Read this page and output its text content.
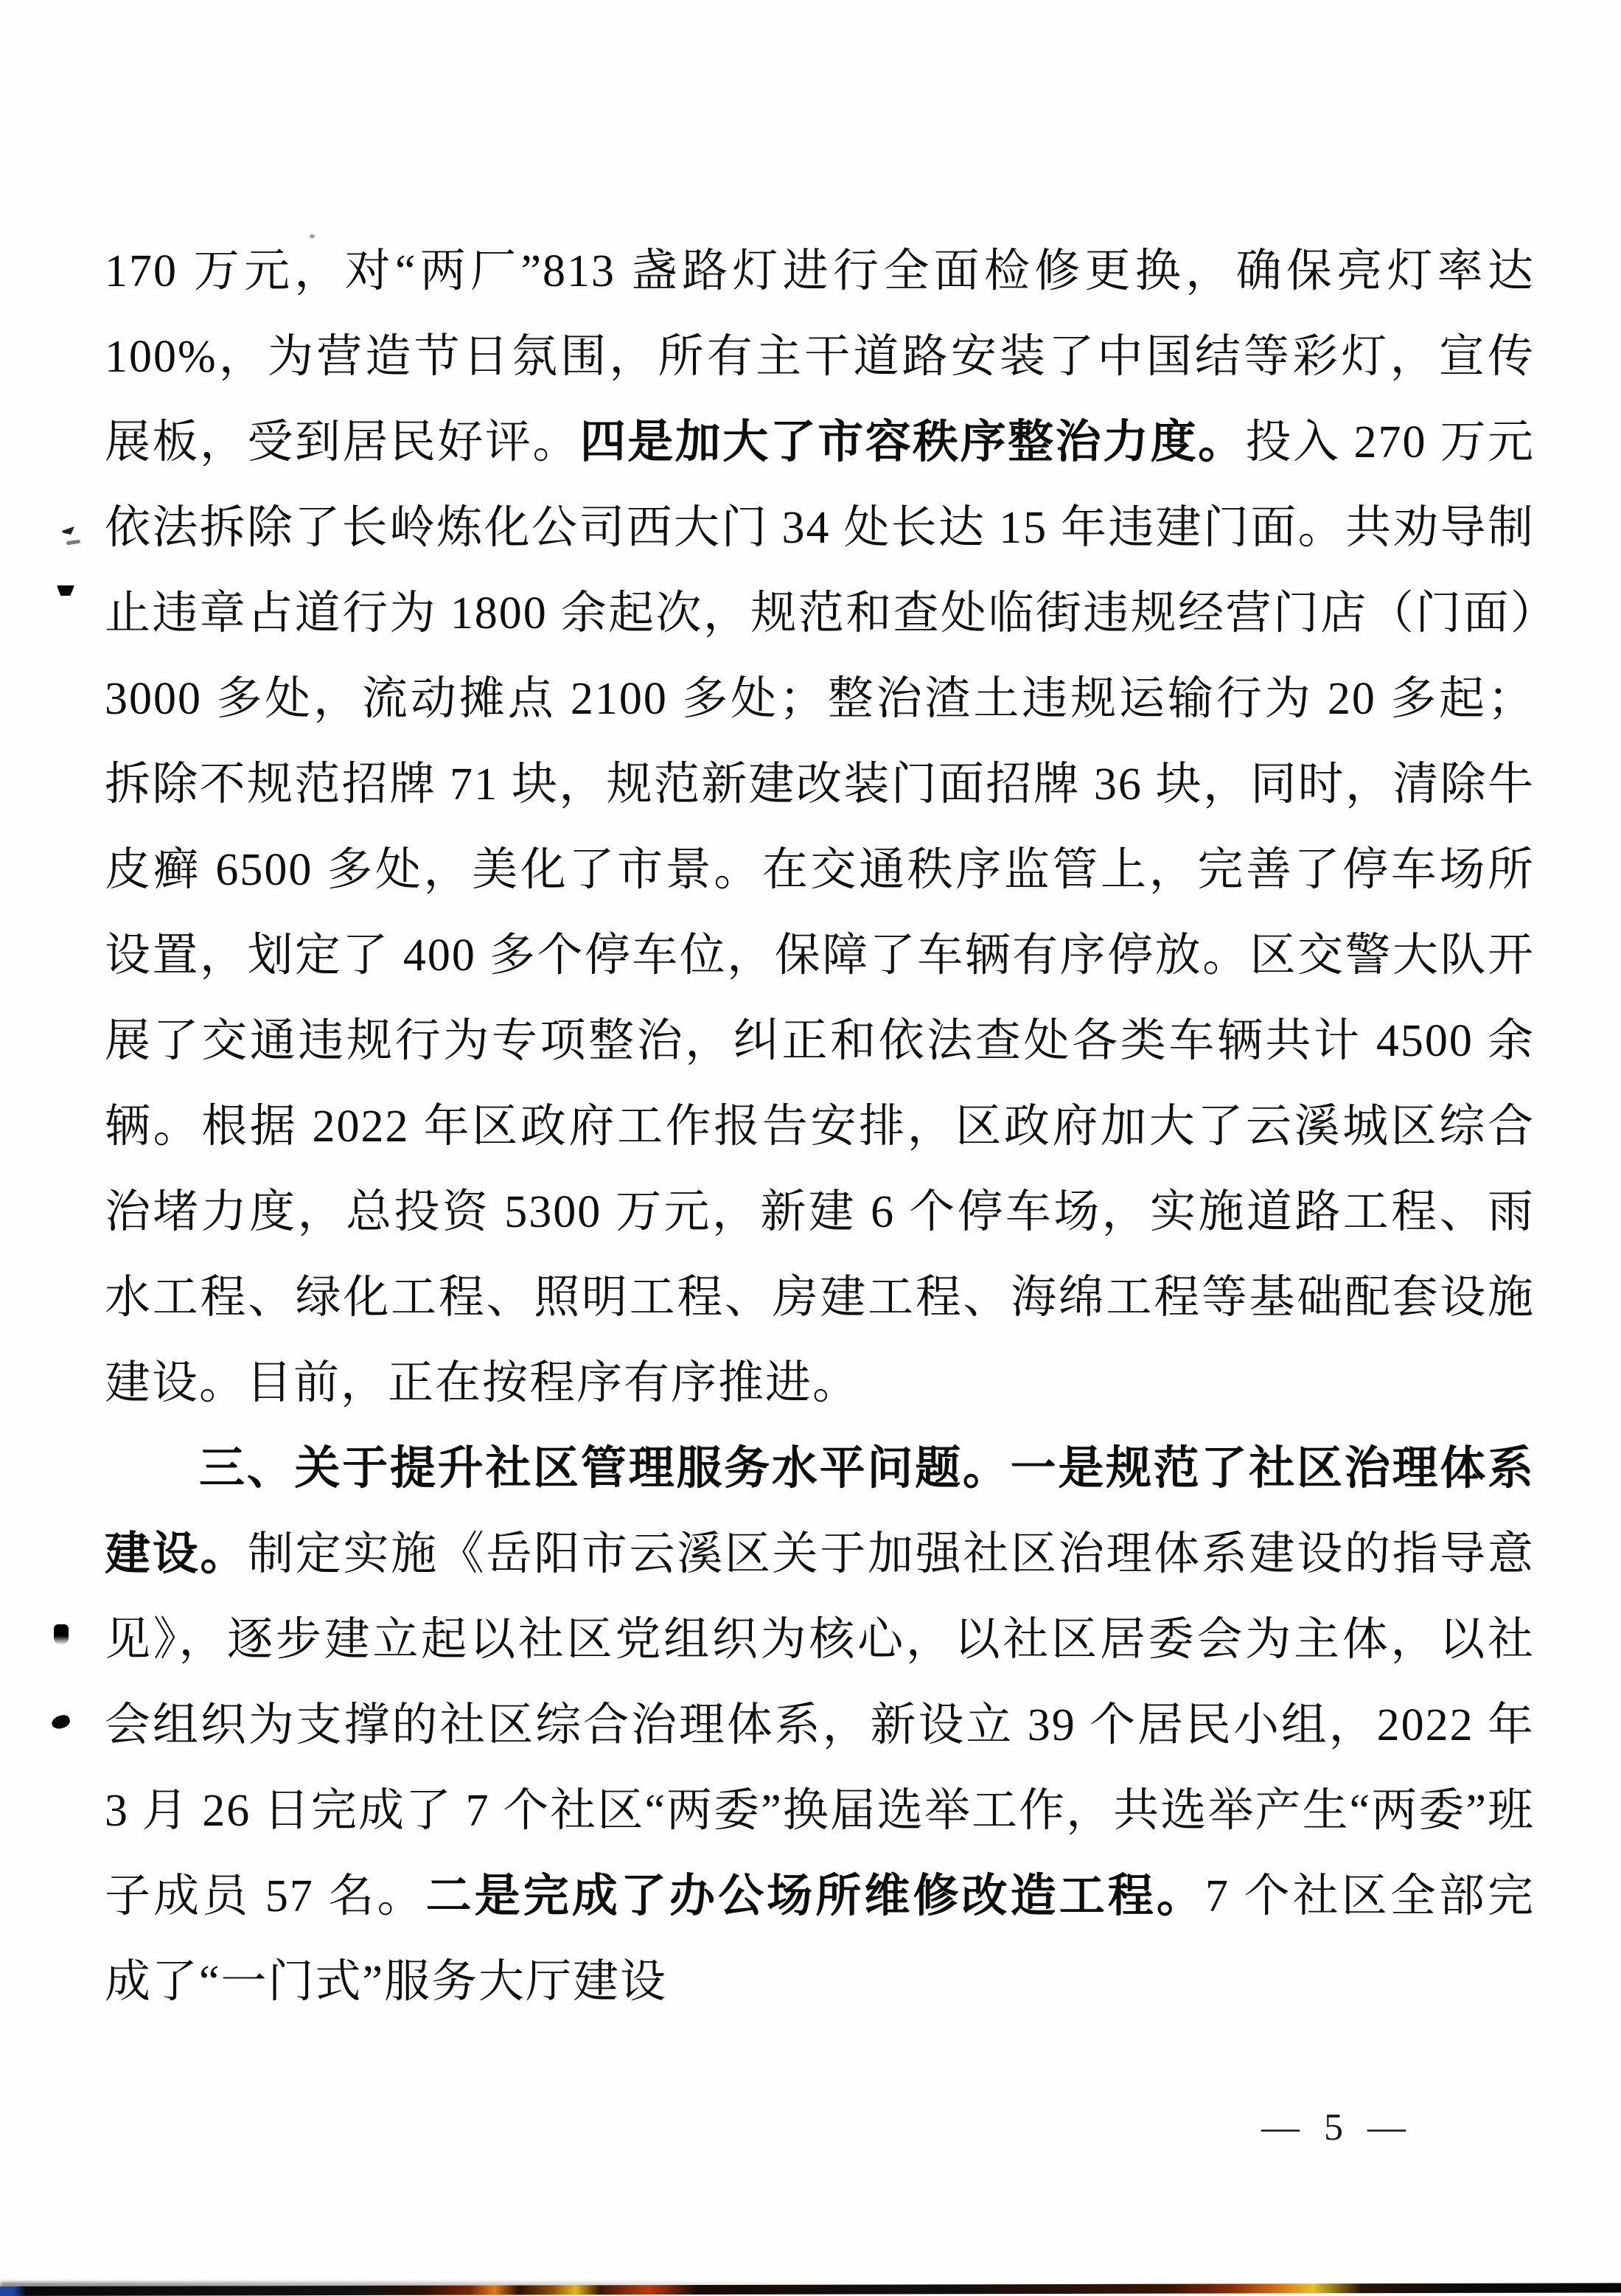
170 万元，对“两厂”813 盏路灯进行全面检修更换，确保亮灯率达 100%，为营造节日氛围，所有主干道路安装了中国结等彩灯，宣传展板，受到居民好评。四是加大了市容秩序整治力度。投入 270 万元依法拆除了长岭炼化公司西大门 34 处长达 15 年违建门面。共劝导制止违章占道行为 1800 余起次，规范和查处临街违规经营门店（门面）3000 多处，流动摊点 2100 多处；整治渣土违规运输行为 20 多起；拆除不规范招牌 71 块，规范新建改装门面招牌 36 块，同时，清除牛皮癣 6500 多处，美化了市景。在交通秩序监管上，完善了停车场所设置，划定了 400 多个停车位，保障了车辆有序停放。区交警大队开展了交通违规行为专项整治，纠正和依法查处各类车辆共计 4500 余辆。根据 2022 年区政府工作报告安排，区政府加大了云溪城区综合治堵力度，总投资 5300 万元，新建 6 个停车场，实施道路工程、雨水工程、绿化工程、照明工程、房建工程、海绵工程等基础配套设施建设。目前，正在按程序有序推进。

三、关于提升社区管理服务水平问题。一是规范了社区治理体系建设。制定实施《岳阳市云溪区关于加强社区治理体系建设的指导意见》，逐步建立起以社区党组织为核心，以社区居委会为主体，以社会组织为支撑的社区综合治理体系，新设立 39 个居民小组，2022 年 3 月 26 日完成了 7 个社区“两委”换届选举工作，共选举产生“两委”班子成员 57 名。二是完成了办公场所维修改造工程。7 个社区全部完成了“一门式”服务大厅建设

— 5 —
